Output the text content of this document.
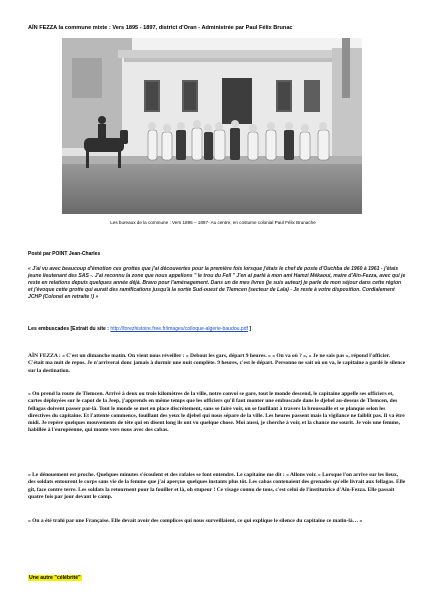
AÏN FEZZA la commune mixte : Vers 1895 - 1897, district d'Oran - Administrée par Paul Félix Brunac
Les bureaux de la commune : Vers 1895 – 1897- Au centre, en costume colonial Paul Félix Brunache
Posté par POINT Jean-Charles
« J'ai vu avec beaucoup d'émotion ces grottes que j'ai découvertes pour la première fois lorsque j'étais le chef de poste d'Ouchba de 1960 à 1961 - j'étais jeune lieutenant des SAS -. J'ai reconnu la zone que nous appelions " le trou du Fell " J'en ai parlé à mon ami Hamzi Mékaoui, maire d'Aïn-Fezza, avec qui je reste en relations depuis quelques année déjà. Bravo pour l'aménagement. Dans un de mes livres (je suis auteur) je parle de mon séjour dans cette région et j'évoque cette grotte qui aurait des ramifications jusqu'à la sortie Sud-ouest de Tlemcen (secteur de Lala) - Je reste à votre disposition. Cordialement JCHP (Colonel en retraite !) »
Les embuscades [Extrait du site : http://forezhistoire.free.fr/images/colloque-algerie-baudou.pdf ]
AÏN FEZZA : « C'est un dimanche matin. On vient nous réveiller : « Debout les gars, départ 9 heures. » « On va où ? », « Je ne sais pas », répond l'officier. C'était ma nuit de repos. Je n'arriverai donc jamais à dormir une nuit complète. 9 heures, c'est le départ. Personne ne sait où on va, le capitaine a gardé le silence sur la destination.
« On prend la route de Tlemcen. Arrivé à deux ou trois kilomètres de la ville, notre convoi se gare, tout le monde descend, le capitaine appelle ses officiers et, cartes déployées sur le capot de la Jeep, j'apprends en même temps que les officiers qu'il faut monter une embuscade dans le djebel au-dessus de Tlemcen, des fellagas doivent passer par-là. Tout le monde se met en place discrètement, sans se faire voir, on se faufilant à travers la broussaille et se planque selon les directives du capitaine. Et l'attente commence, fouillant des yeux le djebel qui nous sépare de la ville. Les heures passent mais la vigilance ne faiblit pas. Il va être midi. Je repère quelques mouvements de tête qui en disent long ils ont vu quelque chose. Moi aussi, je cherche à voir, et la chance me sourit. Je vois une femme, habillée à l'européenne, qui monte vers nous avec des cabas.
« Le dénouement est proche. Quelques minutes s'écoulent et des rafales se font entendre. Le capitaine me dit : « Allons voir. » Lorsque l'on arrive sur les lieux, des soldats entourent le corps sans vie de la femme que j'ai aperçue quelques instants plus tôt. Les cabas contenaient des grenades qu'elle livrait aux fellagas. Elle gît, face contre terre. Les soldats la retournent pour la fouiller et là, oh stupeur ! Ce visage connu de tous, c'est celui de l'institutrice d'Aïn-Fezza. Elle passait quatre fois par jour devant le camp.
« On a été trahi par une Française. Elle devait avoir des complices qui nous surveillaient, ce qui explique le silence du capitaine ce matin-là… »
Une autre "célébrité"
